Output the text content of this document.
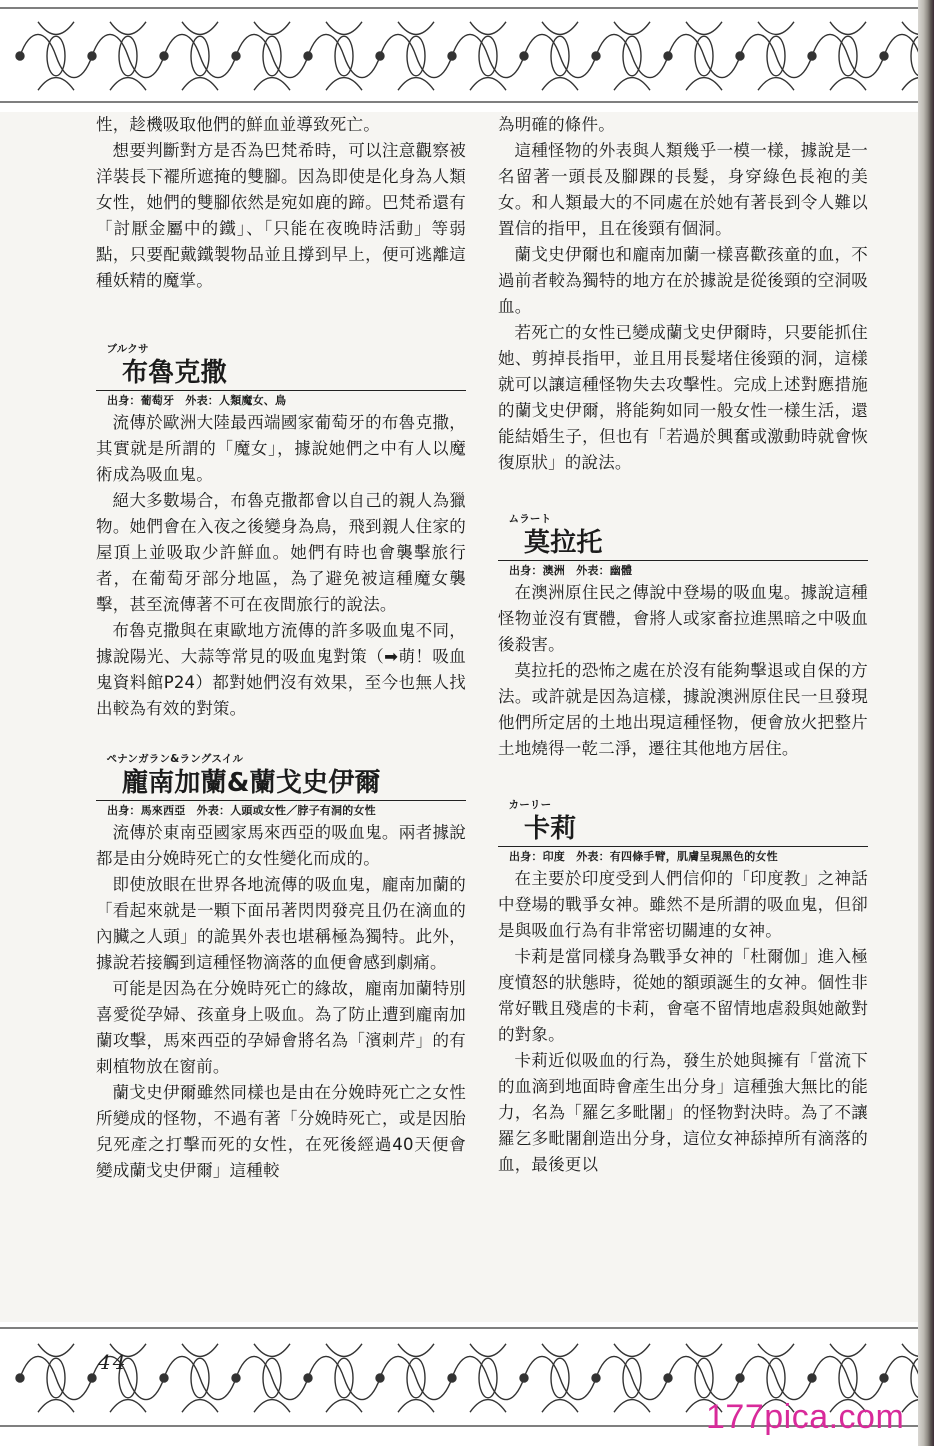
性，趁機吸取他們的鮮血並導致死亡。

想要判斷對方是否為巴梵希時，可以注意觀察被洋裝長下襬所遮掩的雙腳。因為即使是化身為人類女性，她們的雙腳依然是宛如鹿的蹄。巴梵希還有「討厭金屬中的鐵」、「只能在夜晚時活動」等弱點，只要配戴鐵製物品並且撐到早上，便可逃離這種妖精的魔掌。

ブルクサ

布魯克撒

出身：葡萄牙　外表：人類魔女、鳥

流傳於歐洲大陸最西端國家葡萄牙的布魯克撒，其實就是所謂的「魔女」，據說她們之中有人以魔術成為吸血鬼。

絕大多數場合，布魯克撒都會以自己的親人為獵物。她們會在入夜之後變身為鳥，飛到親人住家的屋頂上並吸取少許鮮血。她們有時也會襲擊旅行者，在葡萄牙部分地區，為了避免被這種魔女襲擊，甚至流傳著不可在夜間旅行的說法。

布魯克撒與在東歐地方流傳的許多吸血鬼不同，據說陽光、大蒜等常見的吸血鬼對策（➡萌！吸血鬼資料館P24）都對她們沒有效果，至今也無人找出較為有效的對策。

ペナンガラン&ラングスイル

龐南加蘭&蘭戈史伊爾

出身：馬來西亞　外表：人頭或女性／脖子有洞的女性

流傳於東南亞國家馬來西亞的吸血鬼。兩者據說都是由分娩時死亡的女性變化而成的。

即使放眼在世界各地流傳的吸血鬼，龐南加蘭的「看起來就是一顆下面吊著閃閃發亮且仍在滴血的內臟之人頭」的詭異外表也堪稱極為獨特。此外，據說若接觸到這種怪物滴落的血便會感到劇痛。

可能是因為在分娩時死亡的緣故，龐南加蘭特別喜愛從孕婦、孩童身上吸血。為了防止遭到龐南加蘭攻擊，馬來西亞的孕婦會將名為「濱刺芹」的有刺植物放在窗前。

蘭戈史伊爾雖然同樣也是由在分娩時死亡之女性所變成的怪物，不過有著「分娩時死亡，或是因胎兒死產之打擊而死的女性，在死後經過40天便會變成蘭戈史伊爾」這種較

為明確的條件。

這種怪物的外表與人類幾乎一模一樣，據說是一名留著一頭長及腳踝的長髮，身穿綠色長袍的美女。和人類最大的不同處在於她有著長到令人難以置信的指甲，且在後頸有個洞。

蘭戈史伊爾也和龐南加蘭一樣喜歡孩童的血，不過前者較為獨特的地方在於據說是從後頸的空洞吸血。

若死亡的女性已變成蘭戈史伊爾時，只要能抓住她、剪掉長指甲，並且用長髮堵住後頸的洞，這樣就可以讓這種怪物失去攻擊性。完成上述對應措施的蘭戈史伊爾，將能夠如同一般女性一樣生活，還能結婚生子，但也有「若過於興奮或激動時就會恢復原狀」的說法。

ムラート

莫拉托

出身：澳洲　外表：幽體

在澳洲原住民之傳說中登場的吸血鬼。據說這種怪物並沒有實體，會將人或家畜拉進黑暗之中吸血後殺害。

莫拉托的恐怖之處在於沒有能夠擊退或自保的方法。或許就是因為這樣，據說澳洲原住民一旦發現他們所定居的土地出現這種怪物，便會放火把整片土地燒得一乾二淨，遷往其他地方居住。

カーリー

卡莉

出身：印度　外表：有四條手臂，肌膚呈現黑色的女性

在主要於印度受到人們信仰的「印度教」之神話中登場的戰爭女神。雖然不是所謂的吸血鬼，但卻是與吸血行為有非常密切關連的女神。

卡莉是當同樣身為戰爭女神的「杜爾伽」進入極度憤怒的狀態時，從她的額頭誕生的女神。個性非常好戰且殘虐的卡莉，會毫不留情地虐殺與她敵對的對象。

卡莉近似吸血的行為，發生於她與擁有「當流下的血滴到地面時會產生出分身」這種強大無比的能力，名為「羅乞多毗闍」的怪物對決時。為了不讓羅乞多毗闍創造出分身，這位女神舔掉所有滴落的血，最後更以

44
177pica.com
